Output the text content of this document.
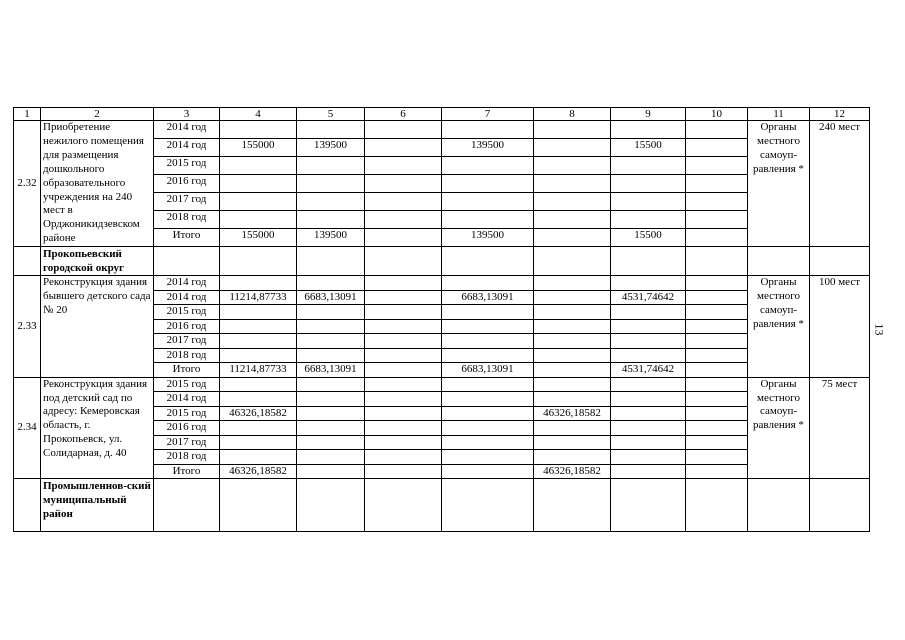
1	2	3	4	5	6	7	8	9	10	11	12
2.32	Приобретение нежилого помещения для размещения дошкольного образовательного учреждения на 240 мест в Орджоникидзевском районе	2014 год								Органы местного самоуп-равления *	240 мест
		2014 год	155000	139500		139500		15500			
		2015 год									
		2016 год									
		2017 год									
		2018 год									
		Итого	155000	139500		139500		15500			
	Прокопьевский городской округ										
2.33	Реконструкция здания бывшего детского сада № 20	2014 год								Органы местного самоуп-равления *	100 мест
		2014 год	11214,87733	6683,13091		6683,13091		4531,74642			
		2015 год									
		2016 год									
		2017 год									
		2018 год									
		Итого	11214,87733	6683,13091		6683,13091		4531,74642			
2.34	Реконструкция здания под детский сад по адресу: Кемеровская область, г. Прокопьевск, ул. Солидарная, д. 40	2015 год								Органы местного самоуп-равления *	75 мест
		2014 год									
		2015 год	46326,18582				46326,18582				
		2016 год									
		2017 год									
		2018 год									
		Итого	46326,18582				46326,18582				
	Промышленнов-ский муниципальный район										
13
